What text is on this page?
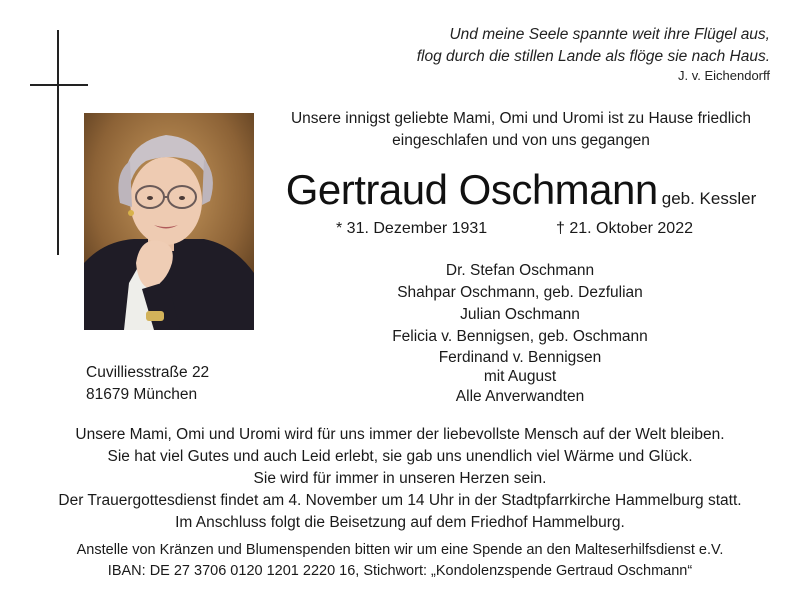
Und meine Seele spannte weit ihre Flügel aus,
flog durch die stillen Lande als flöge sie nach Haus.
J. v. Eichendorff
Unsere innigst geliebte Mami, Omi und Uromi ist zu Hause friedlich
eingeschlafen und von uns gegangen
Gertraud Oschmann geb. Kessler
* 31. Dezember 1931	† 21. Oktober 2022
Dr. Stefan Oschmann
Shahpar Oschmann, geb. Dezfulian
Julian Oschmann
Felicia v. Bennigsen, geb. Oschmann
Ferdinand v. Bennigsen
mit August
Alle Anverwandten
Cuvilliesstraße 22
81679 München
Unsere Mami, Omi und Uromi wird für uns immer der liebevollste Mensch auf der Welt bleiben.
Sie hat viel Gutes und auch Leid erlebt, sie gab uns unendlich viel Wärme und Glück.
Sie wird für immer in unseren Herzen sein.
Der Trauergottesdienst findet am 4. November um 14 Uhr in der Stadtpfarrkirche Hammelburg statt.
Im Anschluss folgt die Beisetzung auf dem Friedhof Hammelburg.
Anstelle von Kränzen und Blumenspenden bitten wir um eine Spende an den Malteserhilfsdienst e.V.
IBAN: DE 27 3706 0120 1201 2220 16, Stichwort: „Kondolenzspende Gertraud Oschmann“
